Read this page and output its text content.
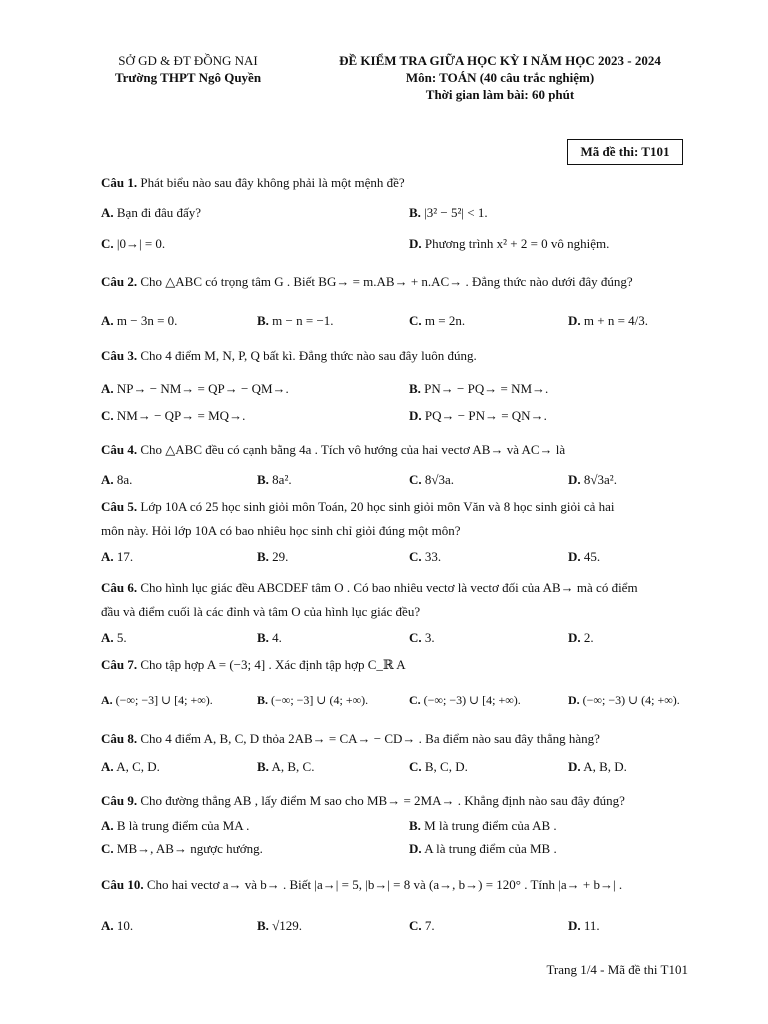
SỞ GD & ĐT ĐỒNG NAI
Trường THPT Ngô Quyền
ĐỀ KIỂM TRA GIỮA HỌC KỲ I NĂM HỌC 2023 - 2024
Môn: TOÁN (40 câu trắc nghiệm)
Thời gian làm bài: 60 phút
Mã đề thi: T101
Câu 1. Phát biểu nào sau đây không phải là một mệnh đề?
A. Bạn đi đâu đấy?	B. |3² − 5²| < 1.
C. |0→| = 0.	D. Phương trình x² + 2 = 0 vô nghiệm.
Câu 2. Cho △ABC có trọng tâm G . Biết BG→ = m.AB→ + n.AC→ . Đẳng thức nào dưới đây đúng?
A. m − 3n = 0.	B. m − n = −1.	C. m = 2n.	D. m + n = 4/3.
Câu 3. Cho 4 điểm M, N, P, Q bất kì. Đẳng thức nào sau đây luôn đúng.
A. NP→ − NM→ = QP→ − QM→.	B. PN→ − PQ→ = NM→.
C. NM→ − QP→ = MQ→.	D. PQ→ − PN→ = QN→.
Câu 4. Cho △ABC đều có cạnh bằng 4a . Tích vô hướng của hai vectơ AB→ và AC→ là
A. 8a.	B. 8a².	C. 8√3a.	D. 8√3a².
Câu 5. Lớp 10A có 25 học sinh giỏi môn Toán, 20 học sinh giỏi môn Văn và 8 học sinh giỏi cả hai
môn này. Hỏi lớp 10A có bao nhiêu học sinh chỉ giỏi đúng một môn?
A. 17.	B. 29.	C. 33.	D. 45.
Câu 6. Cho hình lục giác đều ABCDEF tâm O . Có bao nhiêu vectơ là vectơ đối của AB→ mà có điểm
đầu và điểm cuối là các đỉnh và tâm O của hình lục giác đều?
A. 5.	B. 4.	C. 3.	D. 2.
Câu 7. Cho tập hợp A = (−3; 4] . Xác định tập hợp C_ℝ A
A. (−∞; −3] ∪ [4; +∞).	B. (−∞; −3] ∪ (4; +∞).	C. (−∞; −3) ∪ [4; +∞).	D. (−∞; −3) ∪ (4; +∞).
Câu 8. Cho 4 điểm A, B, C, D thỏa 2AB→ = CA→ − CD→ . Ba điểm nào sau đây thẳng hàng?
A. A, C, D.	B. A, B, C.	C. B, C, D.	D. A, B, D.
Câu 9. Cho đường thẳng AB , lấy điểm M sao cho MB→ = 2MA→ . Khẳng định nào sau đây đúng?
A. B là trung điểm của MA .	B. M là trung điểm của AB .
C. MB→, AB→ ngược hướng.	D. A là trung điểm của MB .
Câu 10. Cho hai vectơ a→ và b→ . Biết |a→| = 5, |b→| = 8 và (a→, b→) = 120° . Tính |a→ + b→| .
A. 10.	B. √129.	C. 7.	D. 11.
Trang 1/4 - Mã đề thi T101
